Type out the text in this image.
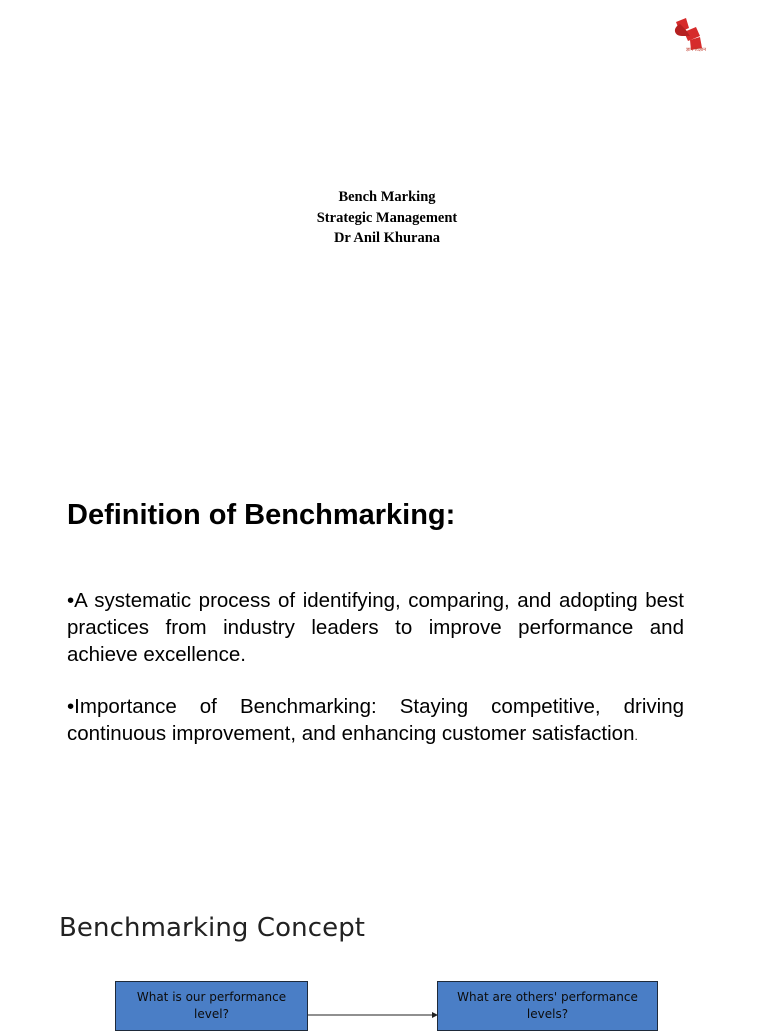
ज्ञान विज्ञान
Bench Marking
Strategic Management
Dr Anil Khurana
Definition of Benchmarking:
•A systematic process of identifying, comparing, and adopting best practices from industry leaders to improve performance and achieve excellence.
•Importance of Benchmarking: Staying competitive, driving continuous improvement, and enhancing customer satisfaction.
Benchmarking Concept
What is our performance
level?
What are others' performance
levels?
